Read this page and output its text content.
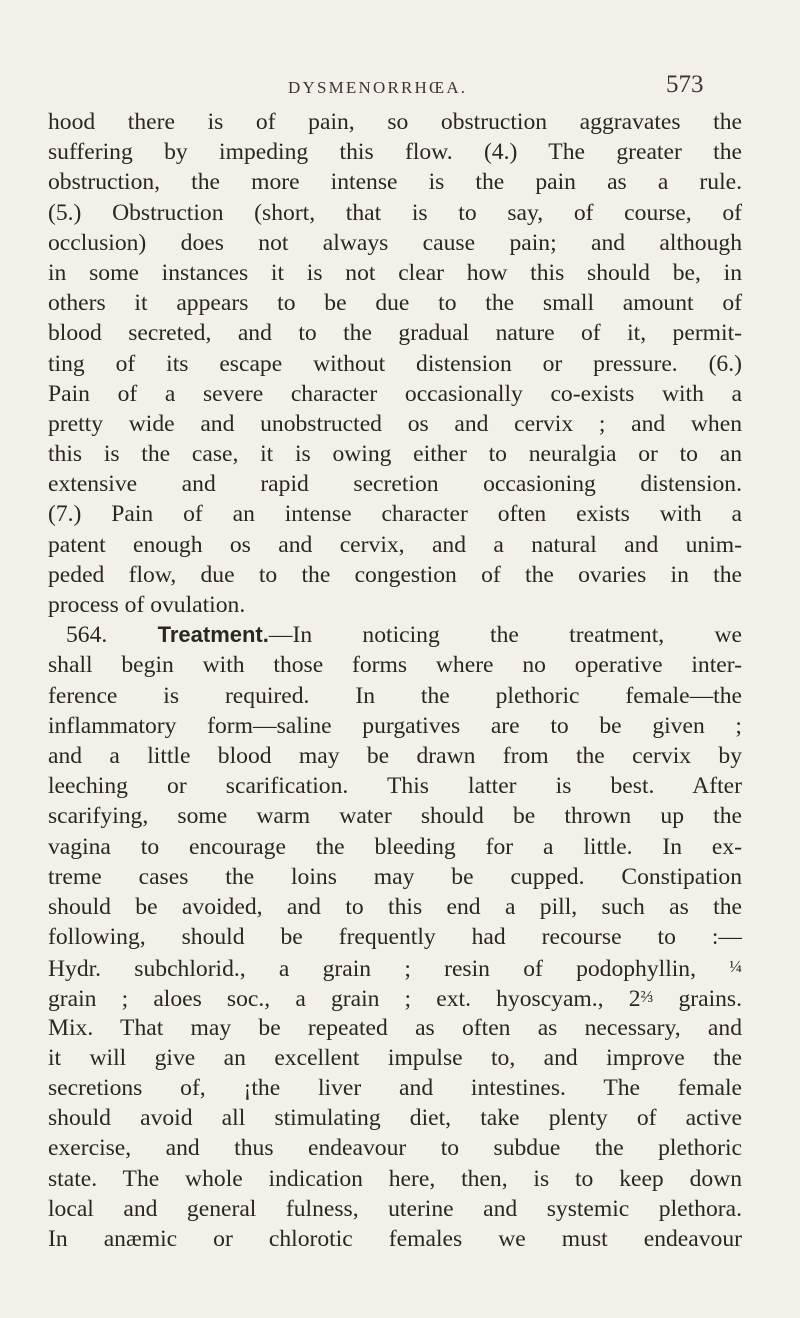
DYSMENORRHŒA.	573
hood there is of pain, so obstruction aggravates the
suffering by impeding this flow. (4.) The greater the
obstruction, the more intense is the pain as a rule.
(5.) Obstruction (short, that is to say, of course, of
occlusion) does not always cause pain; and although
in some instances it is not clear how this should be, in
others it appears to be due to the small amount of
blood secreted, and to the gradual nature of it, permit-
ting of its escape without distension or pressure. (6.)
Pain of a severe character occasionally co-exists with a
pretty wide and unobstructed os and cervix ; and when
this is the case, it is owing either to neuralgia or to an
extensive and rapid secretion occasioning distension.
(7.) Pain of an intense character often exists with a
patent enough os and cervix, and a natural and unim-
peded flow, due to the congestion of the ovaries in the
process of ovulation.
564. Treatment.—In noticing the treatment, we
shall begin with those forms where no operative inter-
ference is required. In the plethoric female—the
inflammatory form—saline purgatives are to be given ;
and a little blood may be drawn from the cervix by
leeching or scarification. This latter is best. After
scarifying, some warm water should be thrown up the
vagina to encourage the bleeding for a little. In ex-
treme cases the loins may be cupped. Constipation
should be avoided, and to this end a pill, such as the
following, should be frequently had recourse to :—
Hydr. subchlorid., a grain ; resin of podophyllin, ¼
grain ; aloes soc., a grain ; ext. hyoscyam., 2⅔ grains.
Mix. That may be repeated as often as necessary, and
it will give an excellent impulse to, and improve the
secretions of, ¡the liver and intestines. The female
should avoid all stimulating diet, take plenty of active
exercise, and thus endeavour to subdue the plethoric
state. The whole indication here, then, is to keep down
local and general fulness, uterine and systemic plethora.
In anæmic or chlorotic females we must endeavour
